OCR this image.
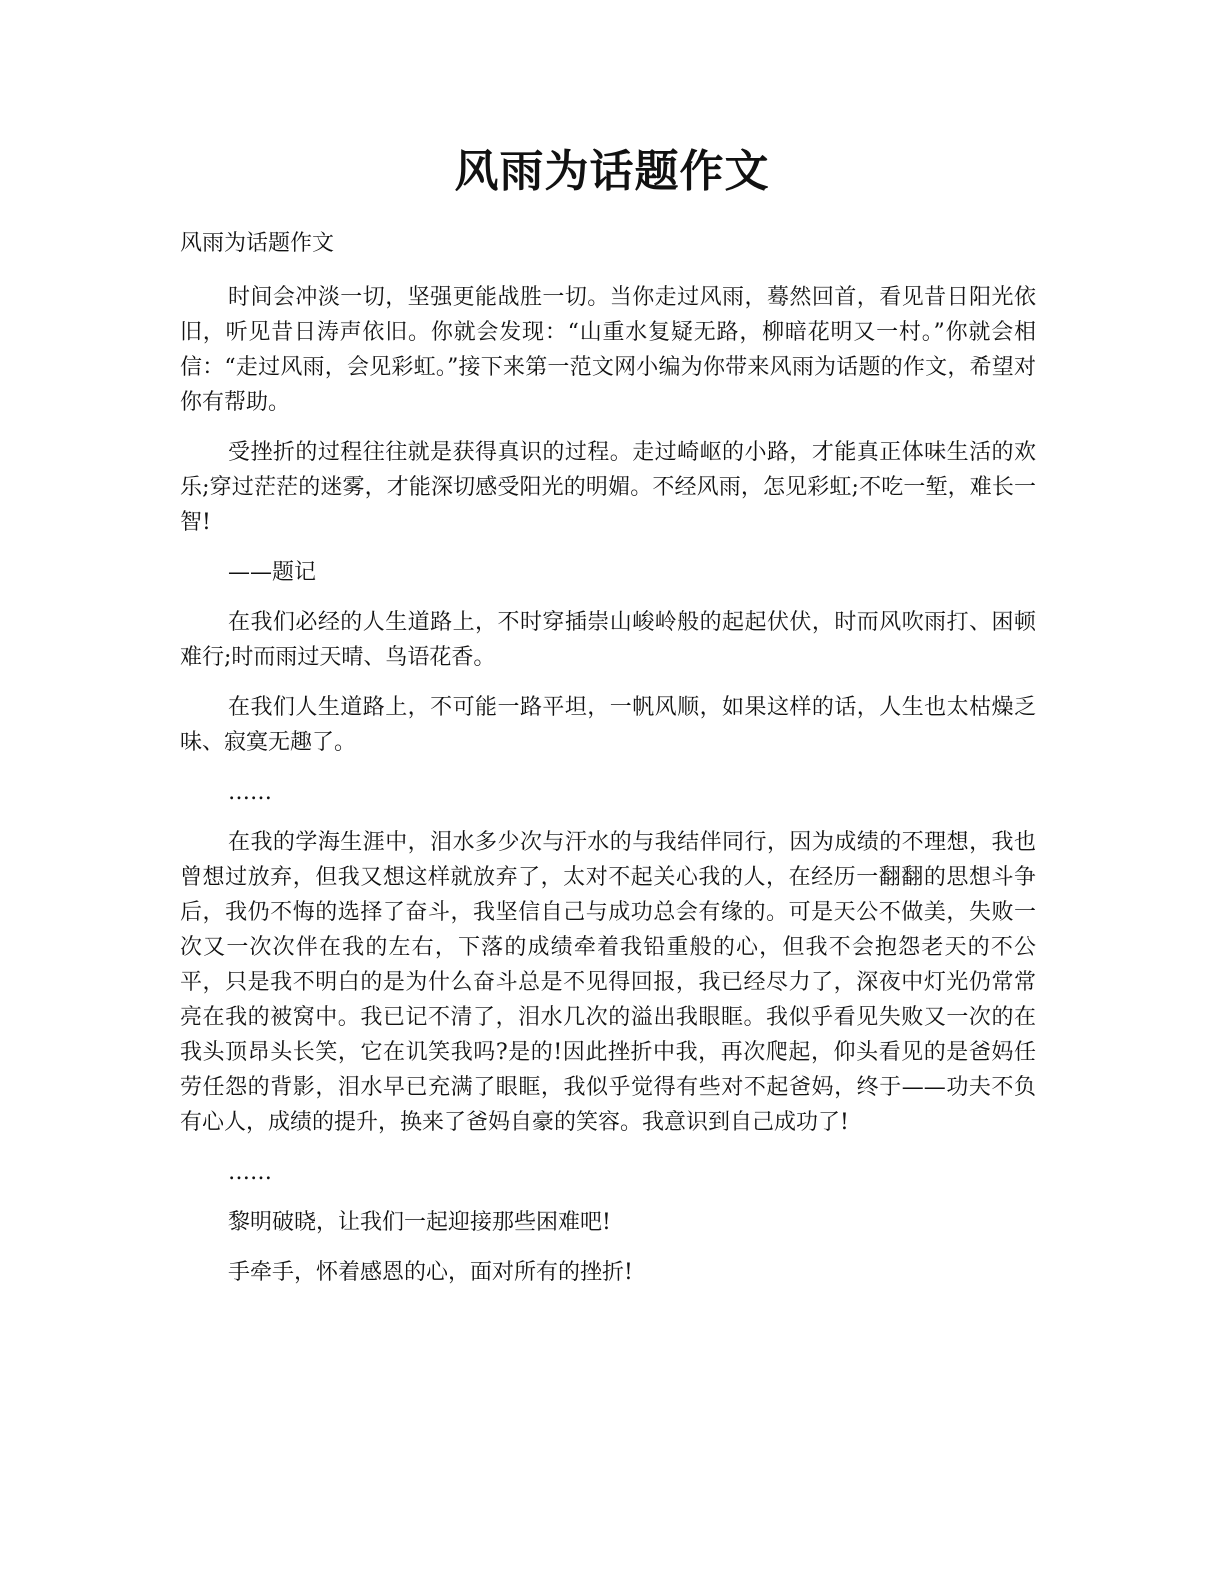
风雨为话题作文

风雨为话题作文

时间会冲淡一切，坚强更能战胜一切。当你走过风雨，蓦然回首，看见昔日阳光依旧，听见昔日涛声依旧。你就会发现：“山重水复疑无路，柳暗花明又一村。”你就会相信：“走过风雨，会见彩虹。”接下来第一范文网小编为你带来风雨为话题的作文，希望对你有帮助。

受挫折的过程往往就是获得真识的过程。走过崎岖的小路，才能真正体味生活的欢乐;穿过茫茫的迷雾，才能深切感受阳光的明媚。不经风雨，怎见彩虹;不吃一堑，难长一智!

——题记

在我们必经的人生道路上，不时穿插崇山峻岭般的起起伏伏，时而风吹雨打、困顿难行;时而雨过天晴、鸟语花香。

在我们人生道路上，不可能一路平坦，一帆风顺，如果这样的话，人生也太枯燥乏味、寂寞无趣了。

……

在我的学海生涯中，泪水多少次与汗水的与我结伴同行，因为成绩的不理想，我也曾想过放弃，但我又想这样就放弃了，太对不起关心我的人，在经历一翻翻的思想斗争后，我仍不悔的选择了奋斗，我坚信自己与成功总会有缘的。可是天公不做美，失败一次又一次次伴在我的左右，下落的成绩牵着我铅重般的心，但我不会抱怨老天的不公平，只是我不明白的是为什么奋斗总是不见得回报，我已经尽力了，深夜中灯光仍常常亮在我的被窝中。我已记不清了，泪水几次的溢出我眼眶。我似乎看见失败又一次的在我头顶昂头长笑，它在讥笑我吗?是的!因此挫折中我，再次爬起，仰头看见的是爸妈任劳任怨的背影，泪水早已充满了眼眶，我似乎觉得有些对不起爸妈，终于——功夫不负有心人，成绩的提升，换来了爸妈自豪的笑容。我意识到自己成功了!

……

黎明破晓，让我们一起迎接那些困难吧!

手牵手，怀着感恩的心，面对所有的挫折!
